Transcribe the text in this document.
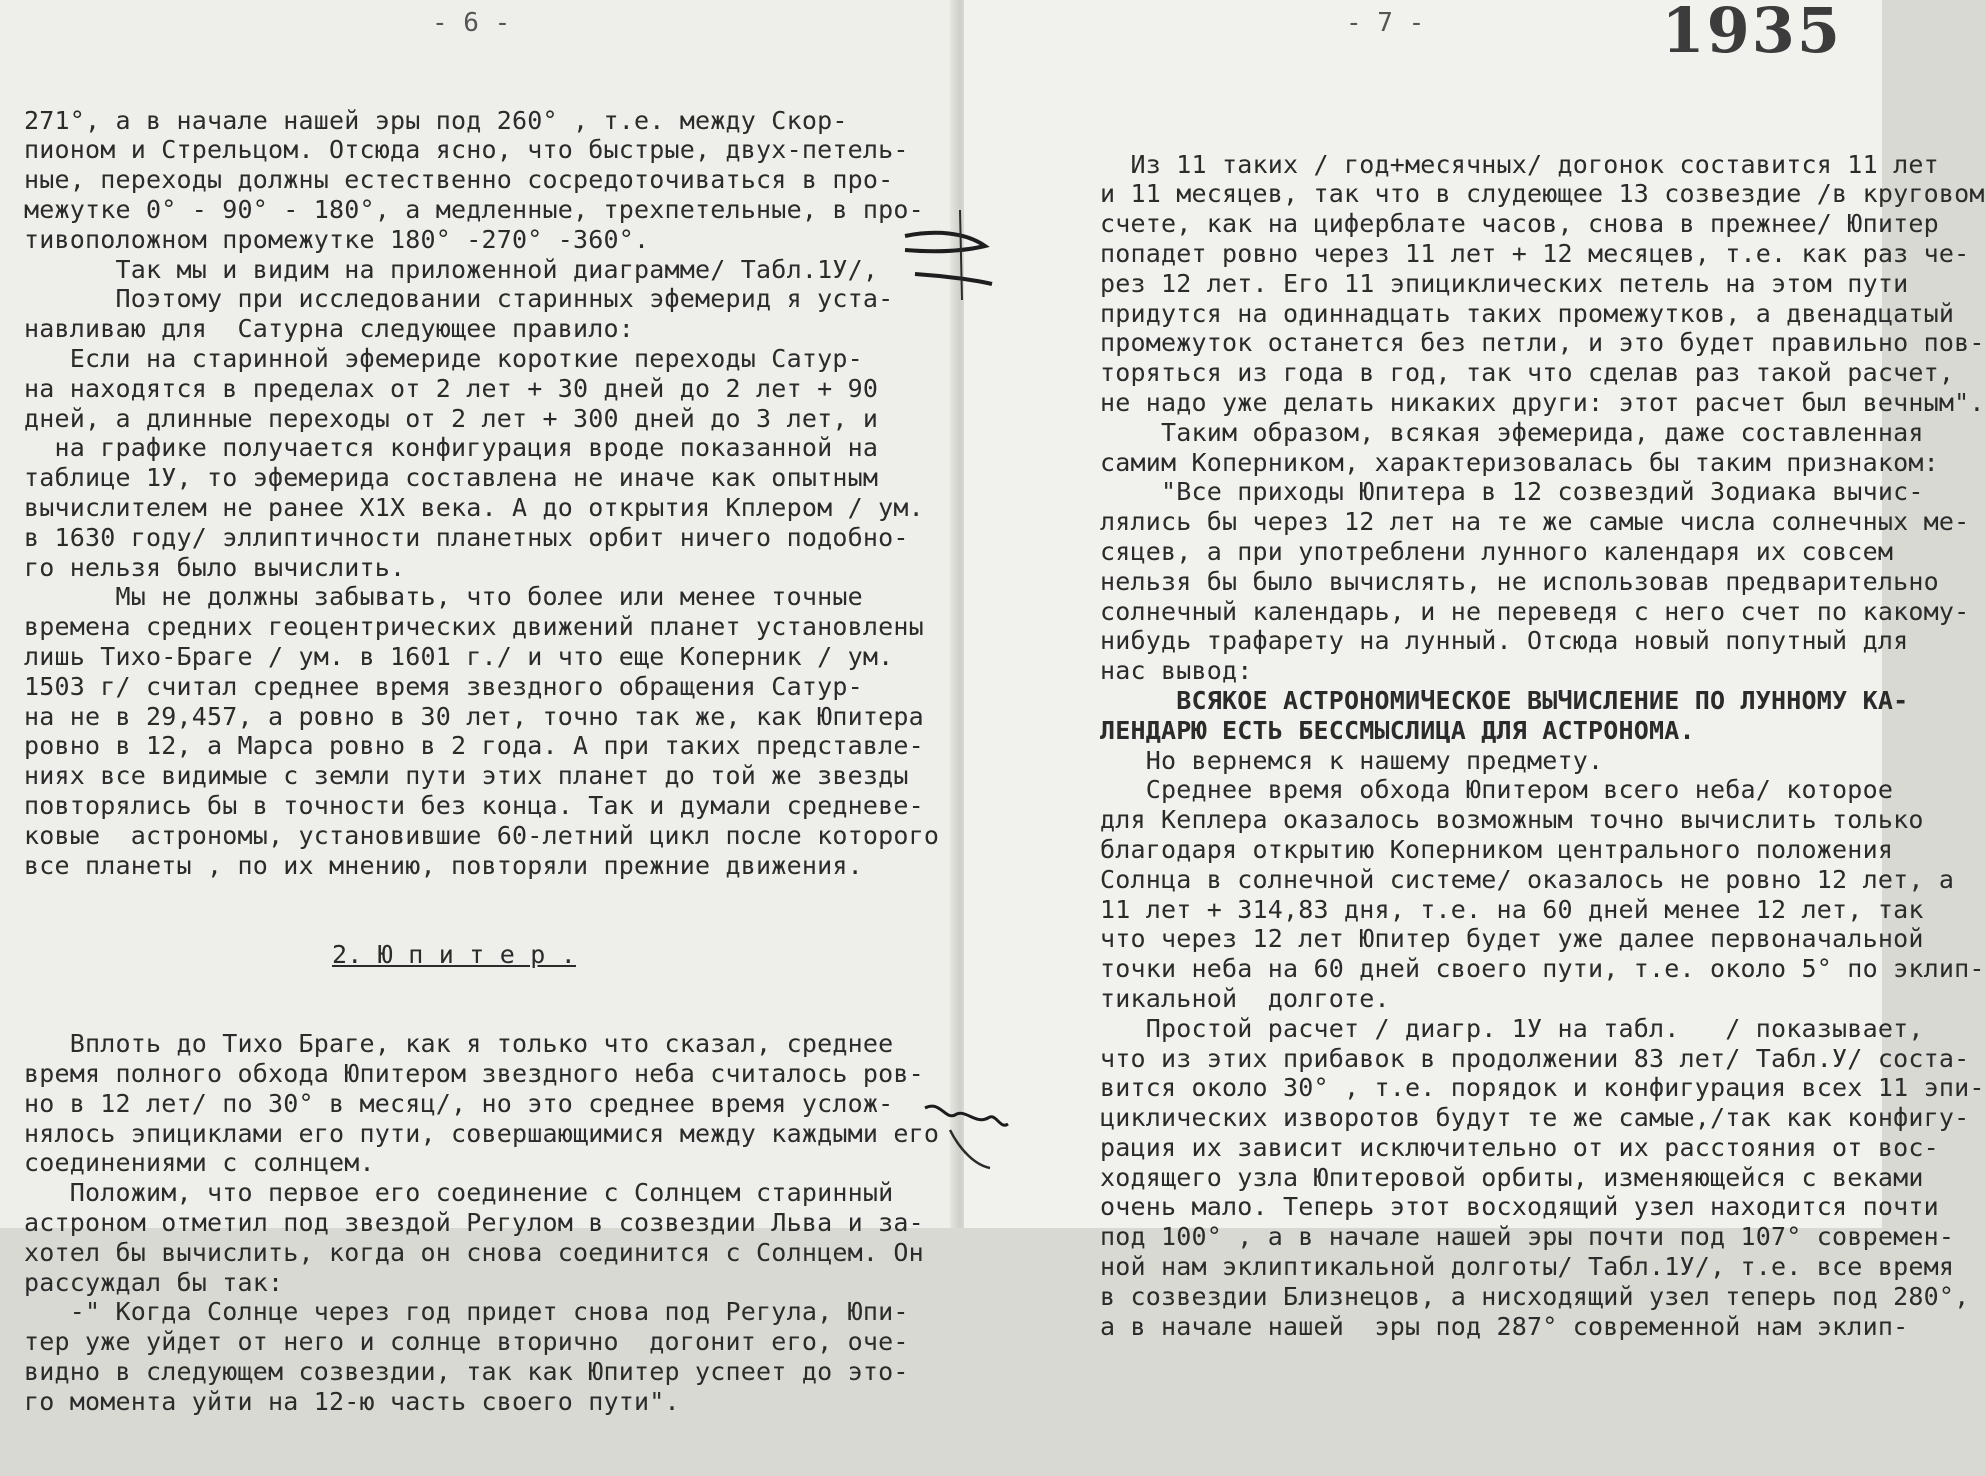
- 6 -

271°, а в начале нашей эры под 260° , т.е. между Скор-
пионом и Стрельцом. Отсюда ясно, что быстрые, двух-петель-
ные, переходы должны естественно сосредоточиваться в про-
межутке 0° - 90° - 180°, а медленные, трехпетельные, в про-
тивоположном промежутке 180° -270° -360°.
Так мы и видим на приложенной диаграмме/ Табл.1У/,
Поэтому при исследовании старинных эфемерид я уста-
навливаю для  Сатурна следующее правило:
Если на старинной эфемериде короткие переходы Сатур-
на находятся в пределах от 2 лет + 30 дней до 2 лет + 90
дней, а длинные переходы от 2 лет + 300 дней до 3 лет, и
на графике получается конфигурация вроде показанной на
таблице 1У, то эфемерида составлена не иначе как опытным
вычислителем не ранее Х1Х века. А до открытия Кплером / ум.
в 1630 году/ эллиптичности планетных орбит ничего подобно-
го нельзя было вычислить.
Мы не должны забывать, что более или менее точные
времена средних геоцентрических движений планет установлены
лишь Тихо-Браге / ум. в 1601 г./ и что еще Коперник / ум.
1503 г/ считал среднее время звездного обращения Сатур-
на не в 29,457, а ровно в 30 лет, точно так же, как Юпитера
ровно в 12, а Марса ровно в 2 года. А при таких представле-
ниях все видимые с земли пути этих планет до той же звезды
повторялись бы в точности без конца. Так и думали средневе-
ковые  астрономы, установившие 60-летний цикл после которого
все планеты , по их мнению, повторяли прежние движения.

2. Ю п и т е р .

Вплоть до Тихо Браге, как я только что сказал, среднее
время полного обхода Юпитером звездного неба считалось ров-
но в 12 лет/ по 30° в месяц/, но это среднее время услож-
нялось эпициклами его пути, совершающимися между каждыми его
соединениями с солнцем.
Положим, что первое его соединение с Солнцем старинный
астроном отметил под звездой Регулом в созвездии Льва и за-
хотел бы вычислить, когда он снова соединится с Солнцем. Он
рассуждал бы так:
-" Когда Солнце через год придет снова под Регула, Юпи-
тер уже уйдет от него и солнце вторично  догонит его, оче-
видно в следующем созвездии, так как Юпитер успеет до это-
го момента уйти на 12-ю часть своего пути".

- 7 -	1935

Из 11 таких / год+месячных/ догонок составится 11 лет
и 11 месяцев, так что в слудеющее 13 созвездие /в круговом
счете, как на циферблате часов, снова в прежнее/ Юпитер
попадет ровно через 11 лет + 12 месяцев, т.е. как раз че-
рез 12 лет. Его 11 эпициклических петель на этом пути
придутся на одиннадцать таких промежутков, а двенадцатый
промежуток останется без петли, и это будет правильно пов-
торяться из года в год, так что сделав раз такой расчет,
не надо уже делать никаких други: этот расчет был вечным".
Таким образом, всякая эфемерида, даже составленная
самим Коперником, характеризовалась бы таким признаком:
"Все приходы Юпитера в 12 созвездий Зодиака вычис-
лялись бы через 12 лет на те же самые числа солнечных ме-
сяцев, а при употреблени лунного календаря их совсем
нельзя бы было вычислять, не использовав предварительно
солнечный календарь, и не переведя с него счет по какому-
нибудь трафарету на лунный. Отсюда новый попутный для
нас вывод:
ВСЯКОЕ АСТРОНОМИЧЕСКОЕ ВЫЧИСЛЕНИЕ ПО ЛУННОМУ КА-
ЛЕНДАРЮ ЕСТЬ БЕССМЫСЛИЦА ДЛЯ АСТРОНОМА.
Но вернемся к нашему предмету.
Среднее время обхода Юпитером всего неба/ которое
для Кеплера оказалось возможным точно вычислить только
благодаря открытию Коперником центрального положения
Солнца в солнечной системе/ оказалось не ровно 12 лет, а
11 лет + 314,83 дня, т.е. на 60 дней менее 12 лет, так
что через 12 лет Юпитер будет уже далее первоначальной
точки неба на 60 дней своего пути, т.е. около 5° по эклип-
тикальной  долготе.
Простой расчет / диагр. 1У на табл.   / показывает,
что из этих прибавок в продолжении 83 лет/ Табл.У/ соста-
вится около 30° , т.е. порядок и конфигурация всех 11 эпи-
циклических изворотов будут те же самые,/так как конфигу-
рация их зависит исключительно от их расстояния от вос-
ходящего узла Юпитеровой орбиты, изменяющейся с веками
очень мало. Теперь этот восходящий узел находится почти
под 100° , а в начале нашей эры почти под 107° современ-
ной нам эклиптикальной долготы/ Табл.1У/, т.е. все время
в созвездии Близнецов, а нисходящий узел теперь под 280°,
а в начале нашей  эры под 287° современной нам эклип-
